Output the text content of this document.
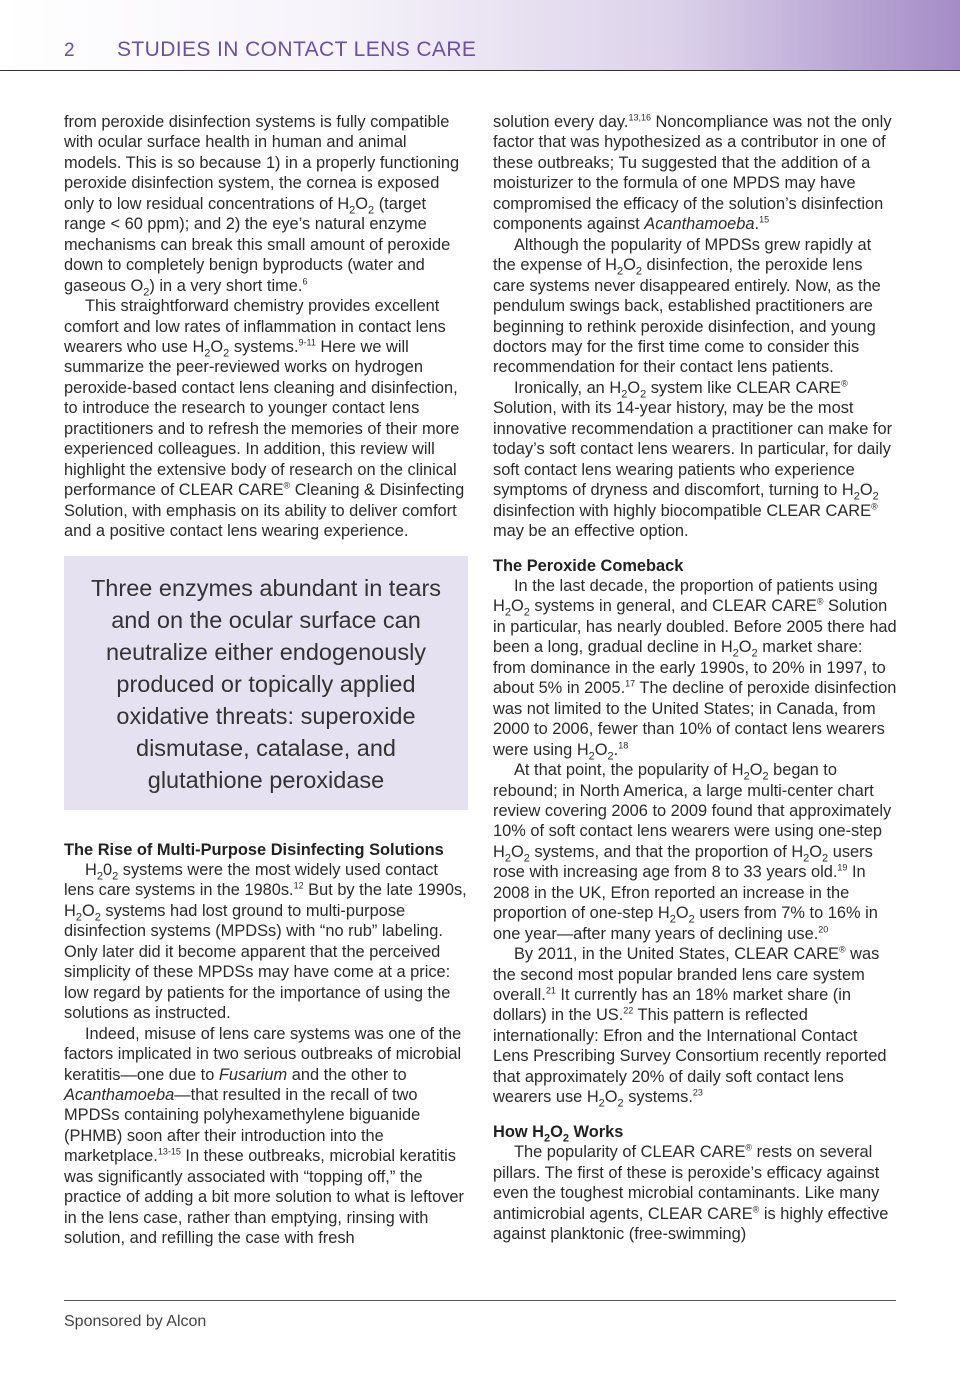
2 STUDIES IN CONTACT LENS CARE

from peroxide disinfection systems is fully compatible with ocular surface health in human and animal models. This is so because 1) in a properly functioning peroxide disinfection system, the cornea is exposed only to low residual concentrations of $H_2O_2$ (target range < 60 ppm); and 2) the eye’s natural enzyme mechanisms can break this small amount of peroxide down to completely benign byproducts (water and gaseous $O_2$) in a very short time.$^6$

This straightforward chemistry provides excellent comfort and low rates of inflammation in contact lens wearers who use $H_2O_2$ systems.$^{9-11}$ Here we will summarize the peer-reviewed works on hydrogen peroxide-based contact lens cleaning and disinfection, to introduce the research to younger contact lens practitioners and to refresh the memories of their more experienced colleagues. In addition, this review will highlight the extensive body of research on the clinical performance of CLEAR CARE® Cleaning & Disinfecting Solution, with emphasis on its ability to deliver comfort and a positive contact lens wearing experience.

Three enzymes abundant in tears and on the ocular surface can neutralize either endogenously produced or topically applied oxidative threats: superoxide dismutase, catalase, and glutathione peroxidase
The Rise of Multi-Purpose Disinfecting Solutions

$H_20_2$ systems were the most widely used contact lens care systems in the 1980s.$^{12}$ But by the late 1990s, $H_2O_2$ systems had lost ground to multi-purpose disinfection systems (MPDSs) with “no rub” labeling. Only later did it become apparent that the perceived simplicity of these MPDSs may have come at a price: low regard by patients for the importance of using the solutions as instructed.

Indeed, misuse of lens care systems was one of the factors implicated in two serious outbreaks of microbial keratitis—one due to Fusarium and the other to Acanthamoeba—that resulted in the recall of two MPDSs containing polyhexamethylene biguanide (PHMB) soon after their introduction into the marketplace.$^{13-15}$ In these outbreaks, microbial keratitis was significantly associated with “topping off,” the practice of adding a bit more solution to what is leftover in the lens case, rather than emptying, rinsing with solution, and refilling the case with fresh

solution every day.$^{13,16}$ Noncompliance was not the only factor that was hypothesized as a contributor in one of these outbreaks; Tu suggested that the addition of a moisturizer to the formula of one MPDS may have compromised the efficacy of the solution’s disinfection components against Acanthamoeba.$^{15}$

Although the popularity of MPDSs grew rapidly at the expense of $H_2O_2$ disinfection, the peroxide lens care systems never disappeared entirely. Now, as the pendulum swings back, established practitioners are beginning to rethink peroxide disinfection, and young doctors may for the first time come to consider this recommendation for their contact lens patients.

Ironically, an $H_2O_2$ system like CLEAR CARE® Solution, with its 14-year history, may be the most innovative recommendation a practitioner can make for today’s soft contact lens wearers. In particular, for daily soft contact lens wearing patients who experience symptoms of dryness and discomfort, turning to $H_2O_2$ disinfection with highly biocompatible CLEAR CARE® may be an effective option.

The Peroxide Comeback

In the last decade, the proportion of patients using $H_2O_2$ systems in general, and CLEAR CARE® Solution in particular, has nearly doubled. Before 2005 there had been a long, gradual decline in $H_2O_2$ market share: from dominance in the early 1990s, to 20% in 1997, to about 5% in 2005.17 The decline of peroxide disinfection was not limited to the United States; in Canada, from 2000 to 2006, fewer than 10% of contact lens wearers were using $H_2O_2.^{18}$

At that point, the popularity of $H_2O_2$ began to rebound; in North America, a large multi-center chart review covering 2006 to 2009 found that approximately 10% of soft contact lens wearers were using one-step $H_2O_2$ systems, and that the proportion of $H_2O_2$ users rose with increasing age from 8 to 33 years old.$^{19}$ In 2008 in the UK, Efron reported an increase in the proportion of one-step $H_2O_2$ users from 7% to 16% in one year—after many years of declining use.$^{20}$

By 2011, in the United States, CLEAR CARE® was the second most popular branded lens care system overall.$^{21}$ It currently has an 18% market share (in dollars) in the US.$^{22}$ This pattern is reflected internationally: Efron and the International Contact Lens Prescribing Survey Consortium recently reported that approximately 20% of daily soft contact lens wearers use $H_2O_2$ systems.$^{23}$

How $H_2O_2$ Works

The popularity of CLEAR CARE® rests on several pillars. The first of these is peroxide’s efficacy against even the toughest microbial contaminants. Like many antimicrobial agents, CLEAR CARE® is highly effective against planktonic (free-swimming)

Sponsored by Alcon
